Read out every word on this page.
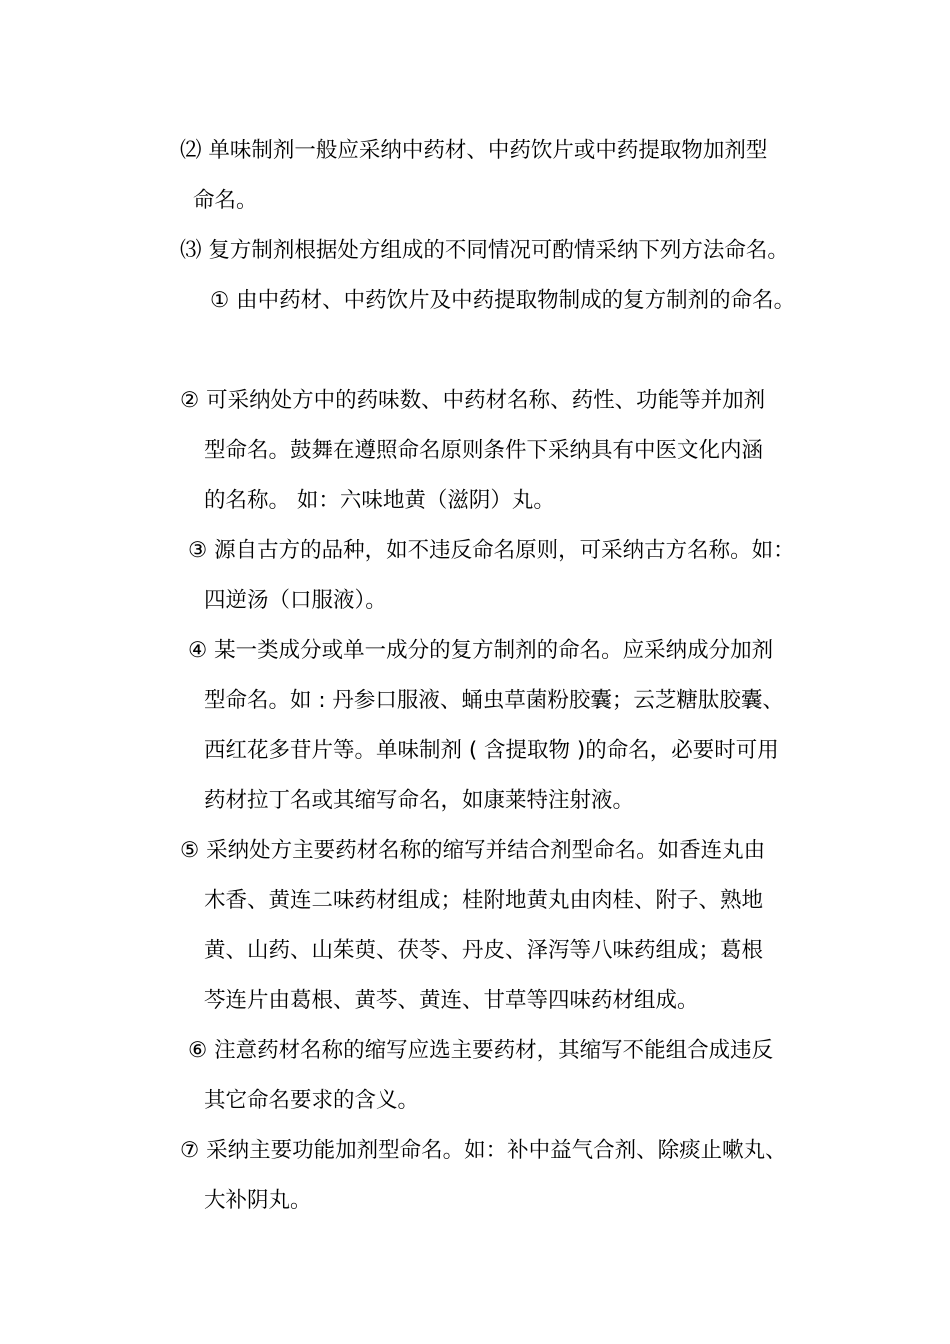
⑵ 单味制剂一般应采纳中药材、中药饮片或中药提取物加剂型
命名。
⑶ 复方制剂根据处方组成的不同情况可酌情采纳下列方法命名。
① 由中药材、中药饮片及中药提取物制成的复方制剂的命名。
② 可采纳处方中的药味数、中药材名称、药性、功能等并加剂
型命名。鼓舞在遵照命名原则条件下采纳具有中医文化内涵
的名称。 如：六味地黄（滋阴）丸。
③ 源自古方的品种，如不违反命名原则，可采纳古方名称。如：
四逆汤（口服液）。
④ 某一类成分或单一成分的复方制剂的命名。应采纳成分加剂
型命名。如 : 丹参口服液、蛹虫草菌粉胶囊；云芝糖肽胶囊、
西红花多苷片等。单味制剂 ( 含提取物 )的命名，必要时可用
药材拉丁名或其缩写命名，如康莱特注射液。
⑤ 采纳处方主要药材名称的缩写并结合剂型命名。如香连丸由
木香、黄连二味药材组成；桂附地黄丸由肉桂、附子、熟地
黄、山药、山茱萸、茯苓、丹皮、泽泻等八味药组成；葛根
芩连片由葛根、黄芩、黄连、甘草等四味药材组成。
⑥ 注意药材名称的缩写应选主要药材，其缩写不能组合成违反
其它命名要求的含义。
⑦ 采纳主要功能加剂型命名。如：补中益气合剂、除痰止嗽丸、
大补阴丸。
